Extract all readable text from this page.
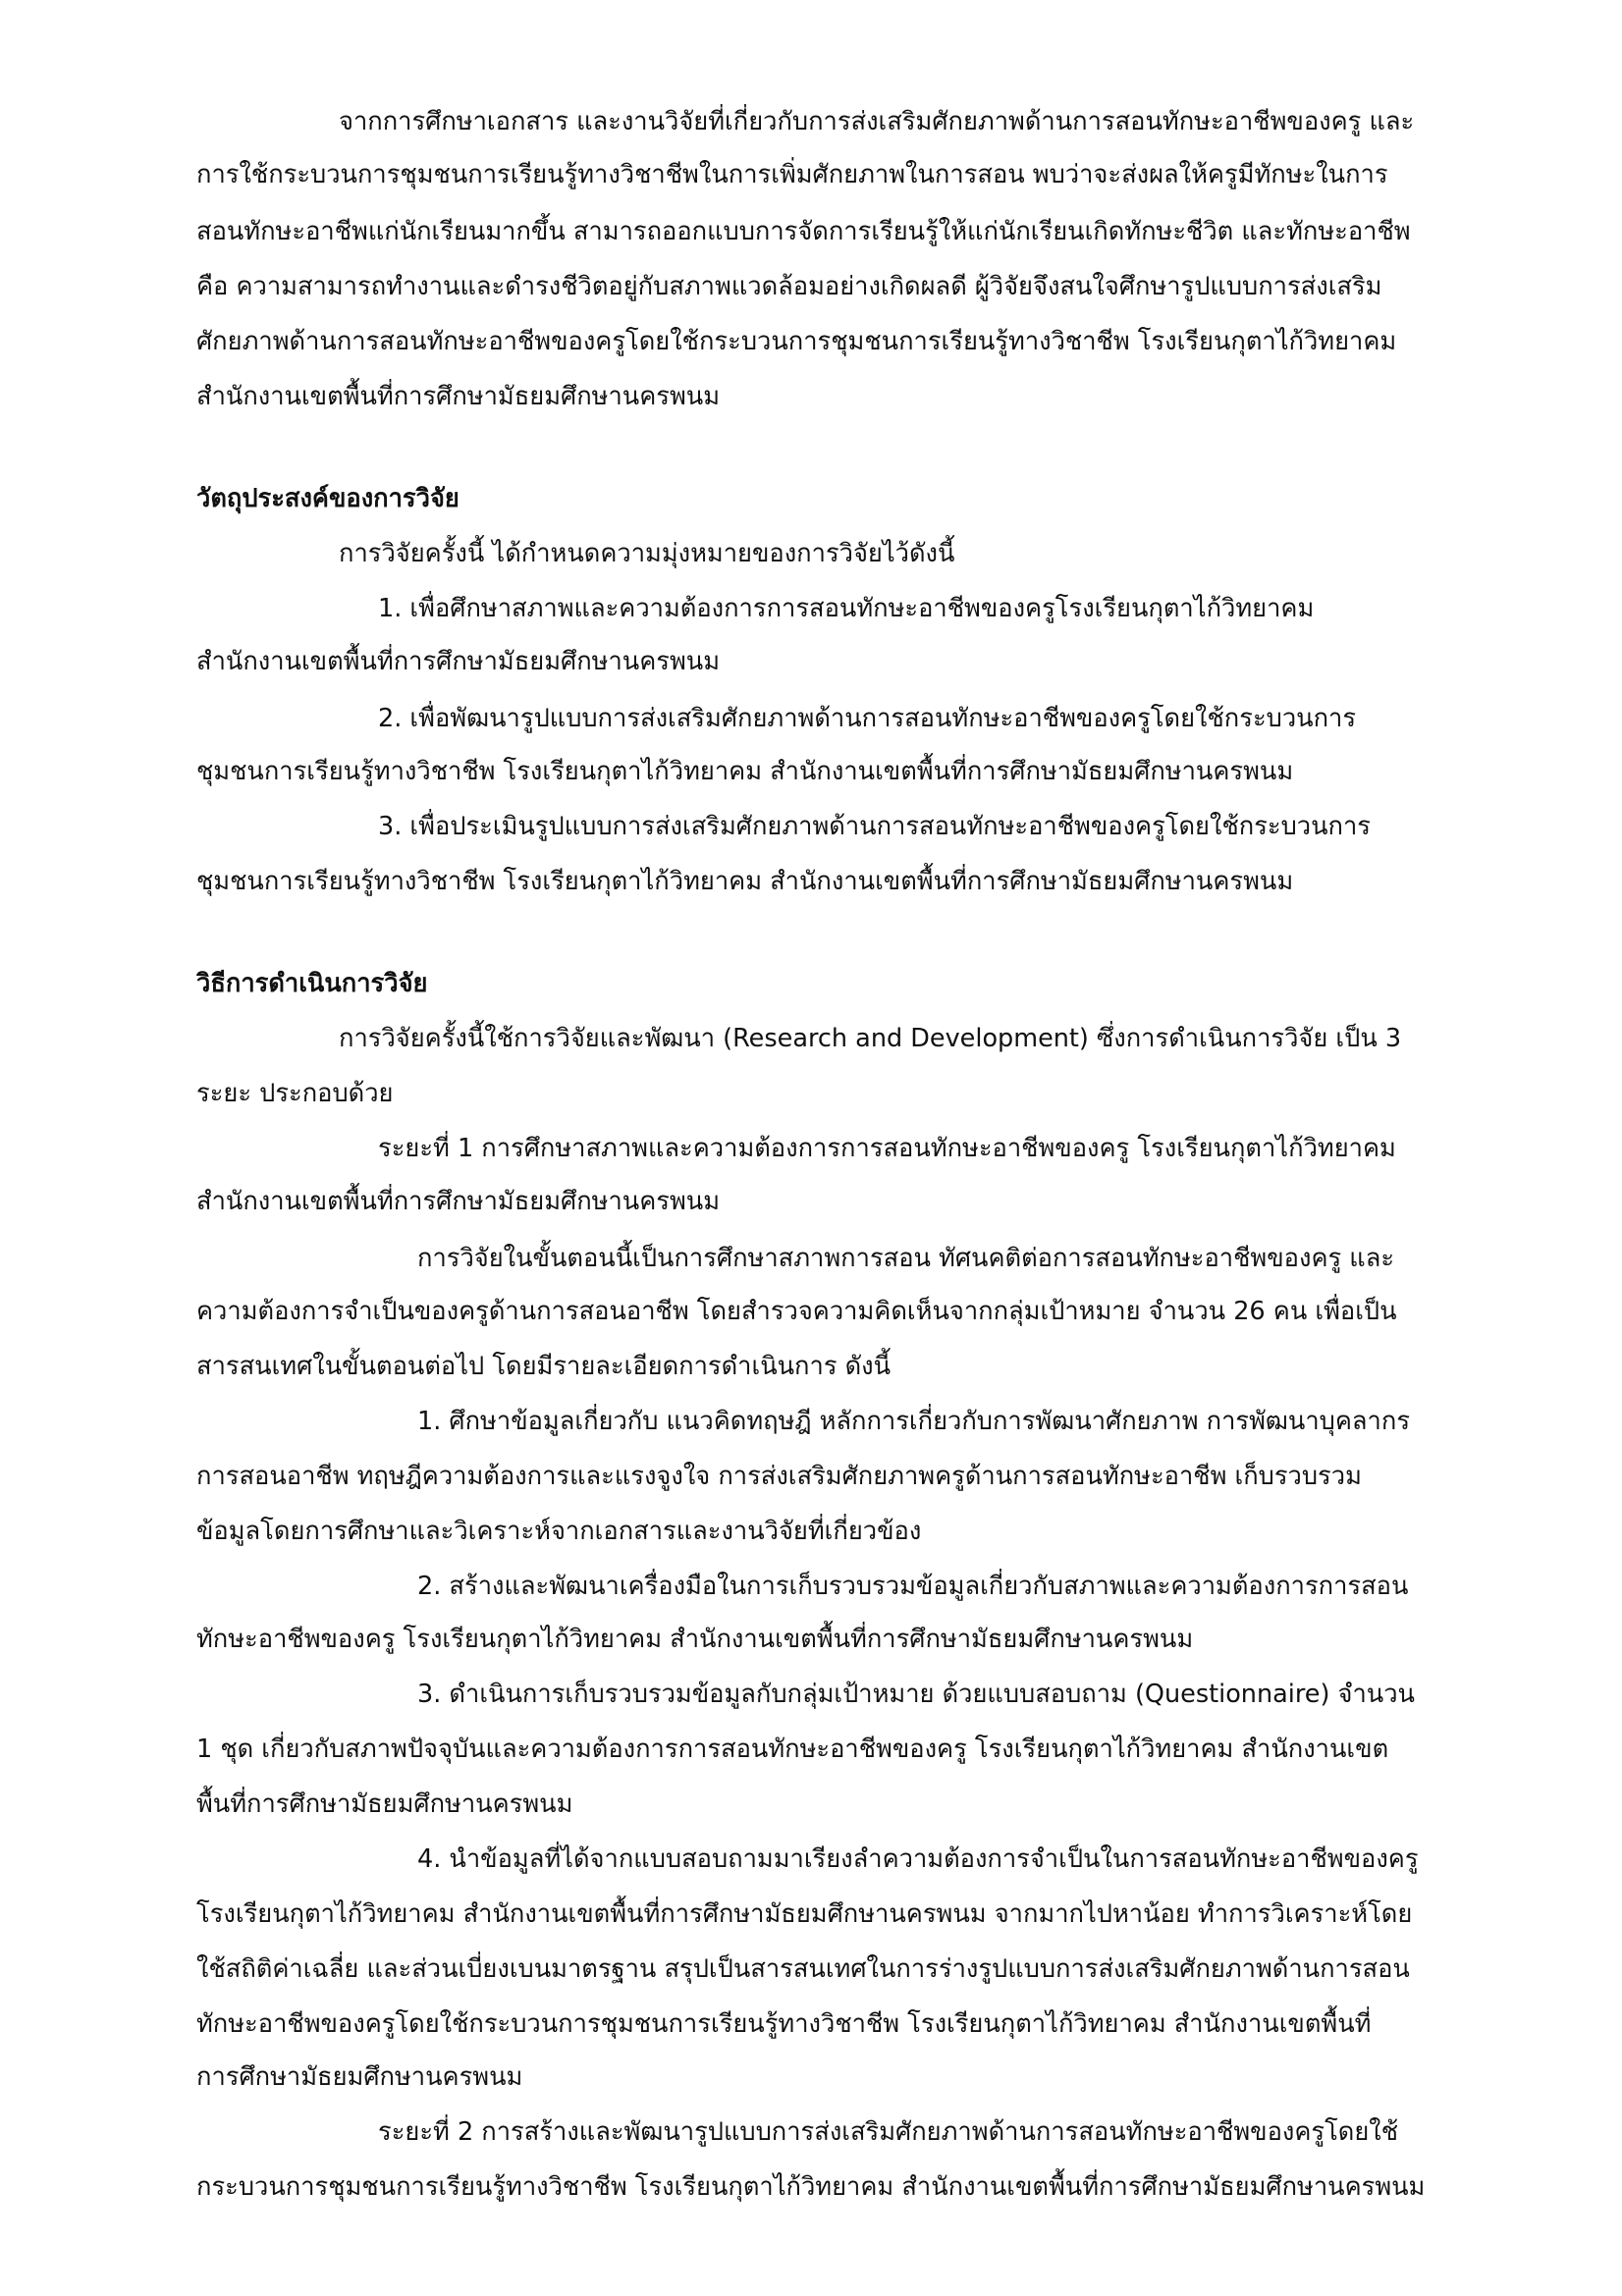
จากการศึกษาเอกสาร และงานวิจัยที่เกี่ยวกับการส่งเสริมศักยภาพด้านการสอนทักษะอาชีพของครู และ
การใช้กระบวนการชุมชนการเรียนรู้ทางวิชาชีพในการเพิ่มศักยภาพในการสอน พบว่าจะส่งผลให้ครูมีทักษะในการ
สอนทักษะอาชีพแก่นักเรียนมากขึ้น สามารถออกแบบการจัดการเรียนรู้ให้แก่นักเรียนเกิดทักษะชีวิต และทักษะอาชีพ
คือ ความสามารถทำงานและดำรงชีวิตอยู่กับสภาพแวดล้อมอย่างเกิดผลดี ผู้วิจัยจึงสนใจศึกษารูปแบบการส่งเสริม
ศักยภาพด้านการสอนทักษะอาชีพของครูโดยใช้กระบวนการชุมชนการเรียนรู้ทางวิชาชีพ โรงเรียนกุตาไก้วิทยาคม
สำนักงานเขตพื้นที่การศึกษามัธยมศึกษานครพนม
วัตถุประสงค์ของการวิจัย
การวิจัยครั้งนี้ ได้กำหนดความมุ่งหมายของการวิจัยไว้ดังนี้
1. เพื่อศึกษาสภาพและความต้องการการสอนทักษะอาชีพของครูโรงเรียนกุตาไก้วิทยาคม
สำนักงานเขตพื้นที่การศึกษามัธยมศึกษานครพนม
2. เพื่อพัฒนารูปแบบการส่งเสริมศักยภาพด้านการสอนทักษะอาชีพของครูโดยใช้กระบวนการ
ชุมชนการเรียนรู้ทางวิชาชีพ โรงเรียนกุตาไก้วิทยาคม สำนักงานเขตพื้นที่การศึกษามัธยมศึกษานครพนม
3. เพื่อประเมินรูปแบบการส่งเสริมศักยภาพด้านการสอนทักษะอาชีพของครูโดยใช้กระบวนการ
ชุมชนการเรียนรู้ทางวิชาชีพ โรงเรียนกุตาไก้วิทยาคม สำนักงานเขตพื้นที่การศึกษามัธยมศึกษานครพนม
วิธีการดำเนินการวิจัย
การวิจัยครั้งนี้ใช้การวิจัยและพัฒนา (Research and Development) ซึ่งการดำเนินการวิจัย เป็น 3
ระยะ ประกอบด้วย
ระยะที่ 1 การศึกษาสภาพและความต้องการการสอนทักษะอาชีพของครู โรงเรียนกุตาไก้วิทยาคม
สำนักงานเขตพื้นที่การศึกษามัธยมศึกษานครพนม
การวิจัยในขั้นตอนนี้เป็นการศึกษาสภาพการสอน ทัศนคติต่อการสอนทักษะอาชีพของครู และ
ความต้องการจำเป็นของครูด้านการสอนอาชีพ โดยสำรวจความคิดเห็นจากกลุ่มเป้าหมาย จำนวน 26 คน เพื่อเป็น
สารสนเทศในขั้นตอนต่อไป โดยมีรายละเอียดการดำเนินการ ดังนี้
1. ศึกษาข้อมูลเกี่ยวกับ แนวคิดทฤษฎี หลักการเกี่ยวกับการพัฒนาศักยภาพ การพัฒนาบุคลากร
การสอนอาชีพ ทฤษฎีความต้องการและแรงจูงใจ การส่งเสริมศักยภาพครูด้านการสอนทักษะอาชีพ เก็บรวบรวม
ข้อมูลโดยการศึกษาและวิเคราะห์จากเอกสารและงานวิจัยที่เกี่ยวข้อง
2. สร้างและพัฒนาเครื่องมือในการเก็บรวบรวมข้อมูลเกี่ยวกับสภาพและความต้องการการสอน
ทักษะอาชีพของครู โรงเรียนกุตาไก้วิทยาคม สำนักงานเขตพื้นที่การศึกษามัธยมศึกษานครพนม
3. ดำเนินการเก็บรวบรวมข้อมูลกับกลุ่มเป้าหมาย ด้วยแบบสอบถาม (Questionnaire) จำนวน
1 ชุด เกี่ยวกับสภาพปัจจุบันและความต้องการการสอนทักษะอาชีพของครู โรงเรียนกุตาไก้วิทยาคม สำนักงานเขต
พื้นที่การศึกษามัธยมศึกษานครพนม
4. นำข้อมูลที่ได้จากแบบสอบถามมาเรียงลำความต้องการจำเป็นในการสอนทักษะอาชีพของครู
โรงเรียนกุตาไก้วิทยาคม สำนักงานเขตพื้นที่การศึกษามัธยมศึกษานครพนม จากมากไปหาน้อย ทำการวิเคราะห์โดย
ใช้สถิติค่าเฉลี่ย และส่วนเบี่ยงเบนมาตรฐาน สรุปเป็นสารสนเทศในการร่างรูปแบบการส่งเสริมศักยภาพด้านการสอน
ทักษะอาชีพของครูโดยใช้กระบวนการชุมชนการเรียนรู้ทางวิชาชีพ โรงเรียนกุตาไก้วิทยาคม สำนักงานเขตพื้นที่
การศึกษามัธยมศึกษานครพนม
ระยะที่ 2 การสร้างและพัฒนารูปแบบการส่งเสริมศักยภาพด้านการสอนทักษะอาชีพของครูโดยใช้
กระบวนการชุมชนการเรียนรู้ทางวิชาชีพ โรงเรียนกุตาไก้วิทยาคม สำนักงานเขตพื้นที่การศึกษามัธยมศึกษานครพนม
